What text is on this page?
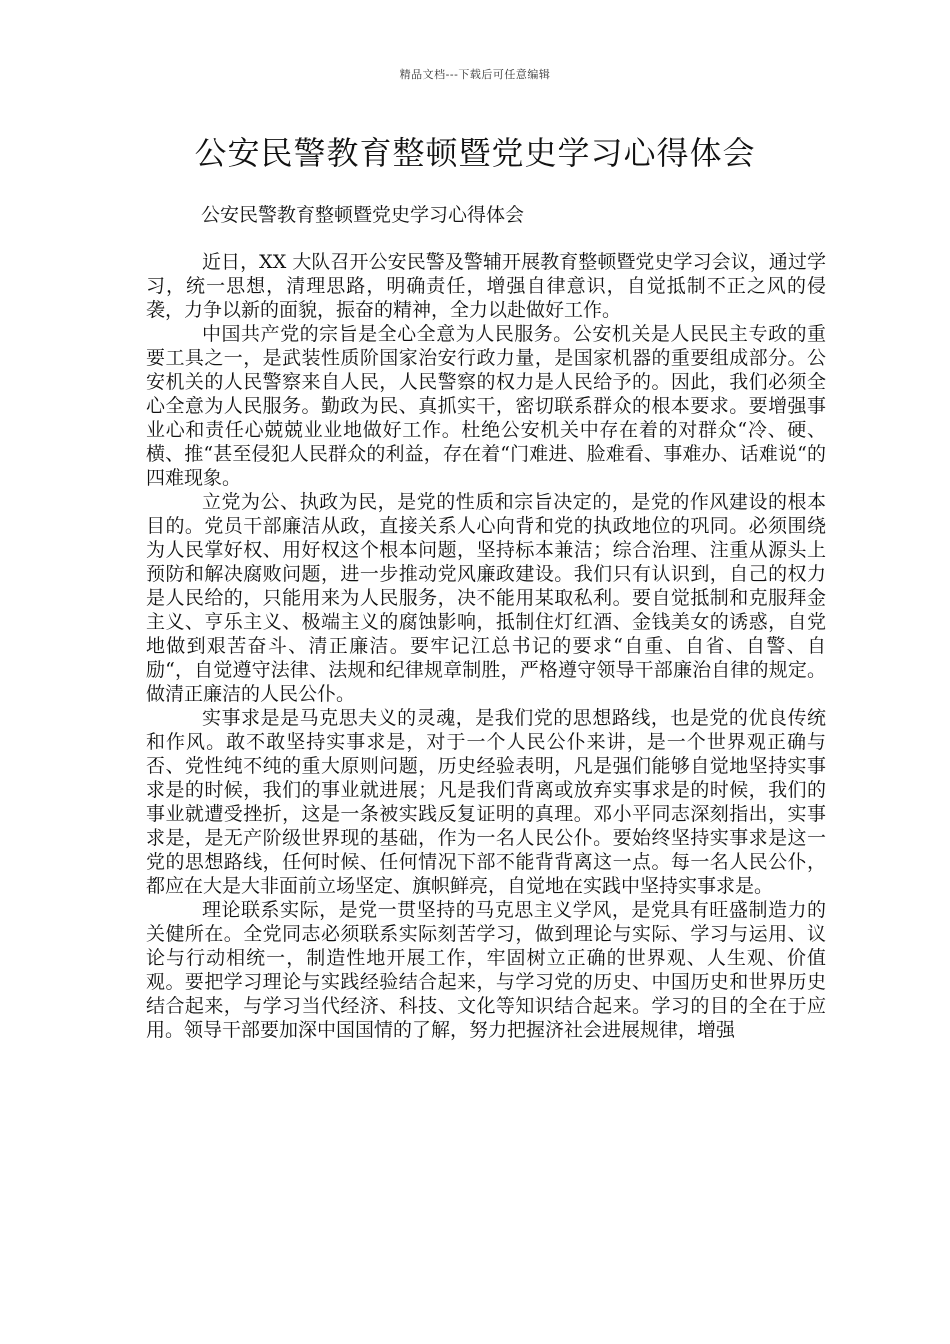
精品文档---下载后可任意编辑
公安民警教育整顿暨党史学习心得体会

公安民警教育整顿暨党史学习心得体会

近日，XX 大队召开公安民警及警辅开展教育整顿暨党史学习会议，通过学习，统一思想，清理思路，明确责任，增强自律意识，自觉抵制不正之风的侵袭，力争以新的面貌，振奋的精神，全力以赴做好工作。

中国共产党的宗旨是全心全意为人民服务。公安机关是人民民主专政的重要工具之一，是武装性质阶国家治安行政力量，是国家机器的重要组成部分。公安机关的人民警察来自人民，人民警察的权力是人民给予的。因此，我们必须全心全意为人民服务。勤政为民、真抓实干，密切联系群众的根本要求。要增强事业心和责任心兢兢业业地做好工作。杜绝公安机关中存在着的对群众“冷、硬、横、推“甚至侵犯人民群众的利益，存在着“门难进、脸难看、事难办、话难说“的四难现象。

立党为公、执政为民，是党的性质和宗旨决定的，是党的作风建设的根本目的。党员干部廉洁从政，直接关系人心向背和党的执政地位的巩同。必须围绕为人民掌好权、用好权这个根本问题，坚持标本兼洁；综合治理、注重从源头上预防和解决腐败问题，进一步推动党风廉政建设。我们只有认识到，自己的权力是人民给的，只能用来为人民服务，决不能用某取私利。要自觉抵制和克服拜金主义、亨乐主义、极端主义的腐蚀影响，抵制住灯红酒、金钱美女的诱惑，自党地做到艰苦奋斗、清正廉洁。要牢记江总书记的要求“自重、自省、自警、自励“，自觉遵守法律、法规和纪律规章制胜，严格遵守领导干部廉治自律的规定。做清正廉洁的人民公仆。

实事求是是马克思夫义的灵魂，是我们党的思想路线，也是党的优良传统和作风。敢不敢坚持实事求是，对于一个人民公仆来讲，是一个世界观正确与否、党性纯不纯的重大原则问题，历史经验表明，凡是强们能够自觉地坚持实事求是的时候，我们的事业就进展；凡是我们背离或放弃实事求是的时候，我们的事业就遭受挫折，这是一条被实践反复证明的真理。邓小平同志深刻指出，实事求是，是无产阶级世界现的基础，作为一名人民公仆。要始终坚持实事求是这一党的思想路线，任何时候、任何情况下部不能背背离这一点。每一名人民公仆，都应在大是大非面前立场坚定、旗帜鲜亮，自觉地在实践中坚持实事求是。

理论联系实际，是党一贯坚持的马克思主义学风，是党具有旺盛制造力的关健所在。全党同志必须联系实际刻苦学习，做到理论与实际、学习与运用、议论与行动相统一，制造性地开展工作，牢固树立正确的世界观、人生观、价值观。要把学习理论与实践经验结合起来，与学习党的历史、中国历史和世界历史结合起来，与学习当代经济、科技、文化等知识结合起来。学习的目的全在于应用。领导干部要加深中国国情的了解，努力把握济社会进展规律，增强
